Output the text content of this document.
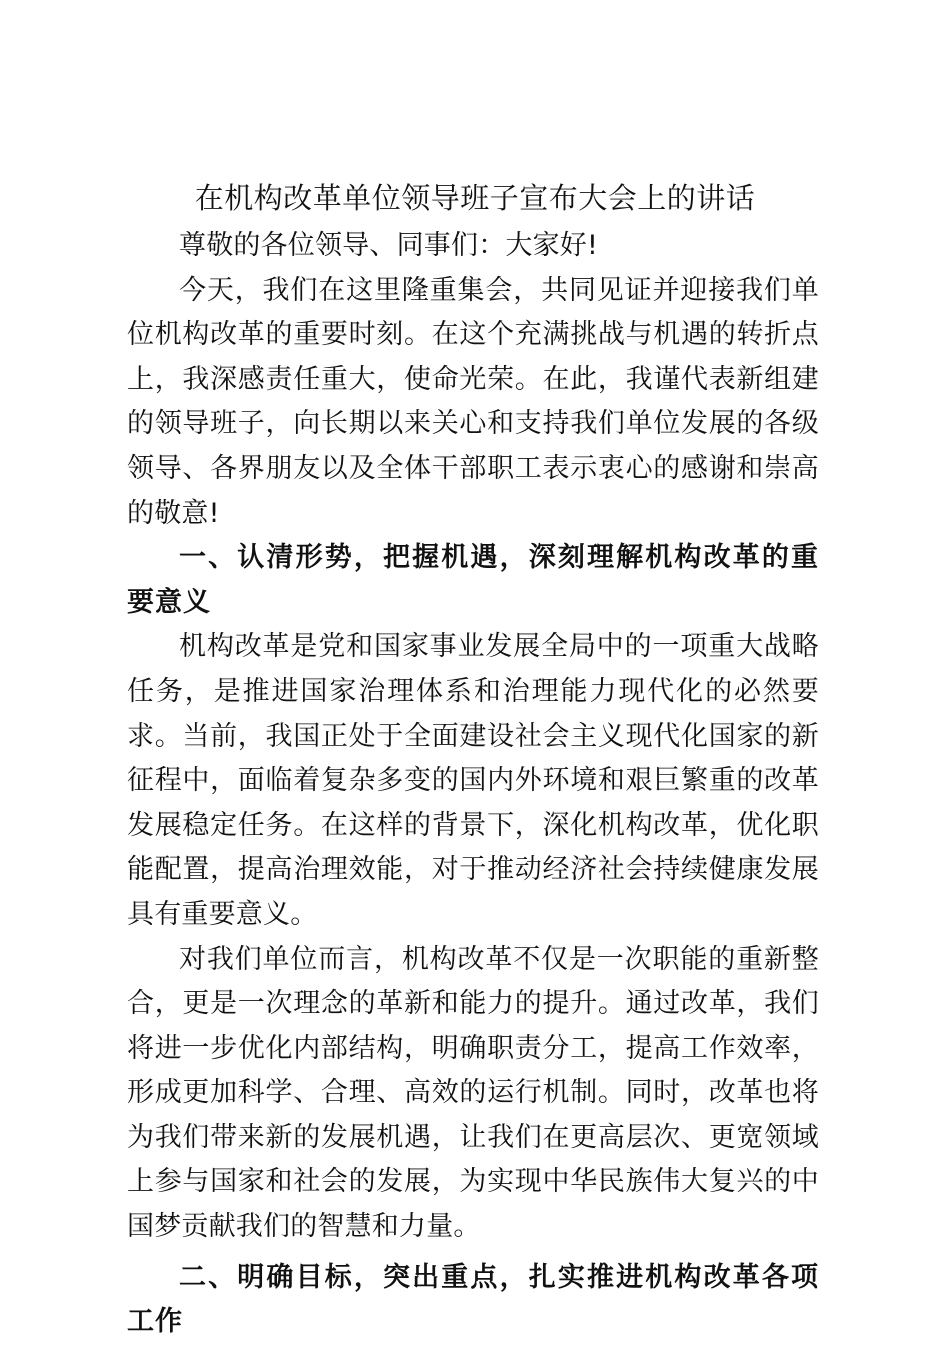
在机构改革单位领导班子宣布大会上的讲话

尊敬的各位领导、同事们：大家好!

今天，我们在这里隆重集会，共同见证并迎接我们单位机构改革的重要时刻。在这个充满挑战与机遇的转折点上，我深感责任重大，使命光荣。在此，我谨代表新组建的领导班子，向长期以来关心和支持我们单位发展的各级领导、各界朋友以及全体干部职工表示衷心的感谢和崇高的敬意!

一、认清形势，把握机遇，深刻理解机构改革的重要意义

机构改革是党和国家事业发展全局中的一项重大战略任务，是推进国家治理体系和治理能力现代化的必然要求。当前，我国正处于全面建设社会主义现代化国家的新征程中，面临着复杂多变的国内外环境和艰巨繁重的改革发展稳定任务。在这样的背景下，深化机构改革，优化职能配置，提高治理效能，对于推动经济社会持续健康发展具有重要意义。

对我们单位而言，机构改革不仅是一次职能的重新整合，更是一次理念的革新和能力的提升。通过改革，我们将进一步优化内部结构，明确职责分工，提高工作效率，形成更加科学、合理、高效的运行机制。同时，改革也将为我们带来新的发展机遇，让我们在更高层次、更宽领域上参与国家和社会的发展，为实现中华民族伟大复兴的中国梦贡献我们的智慧和力量。

二、明确目标，突出重点，扎实推进机构改革各项工作
